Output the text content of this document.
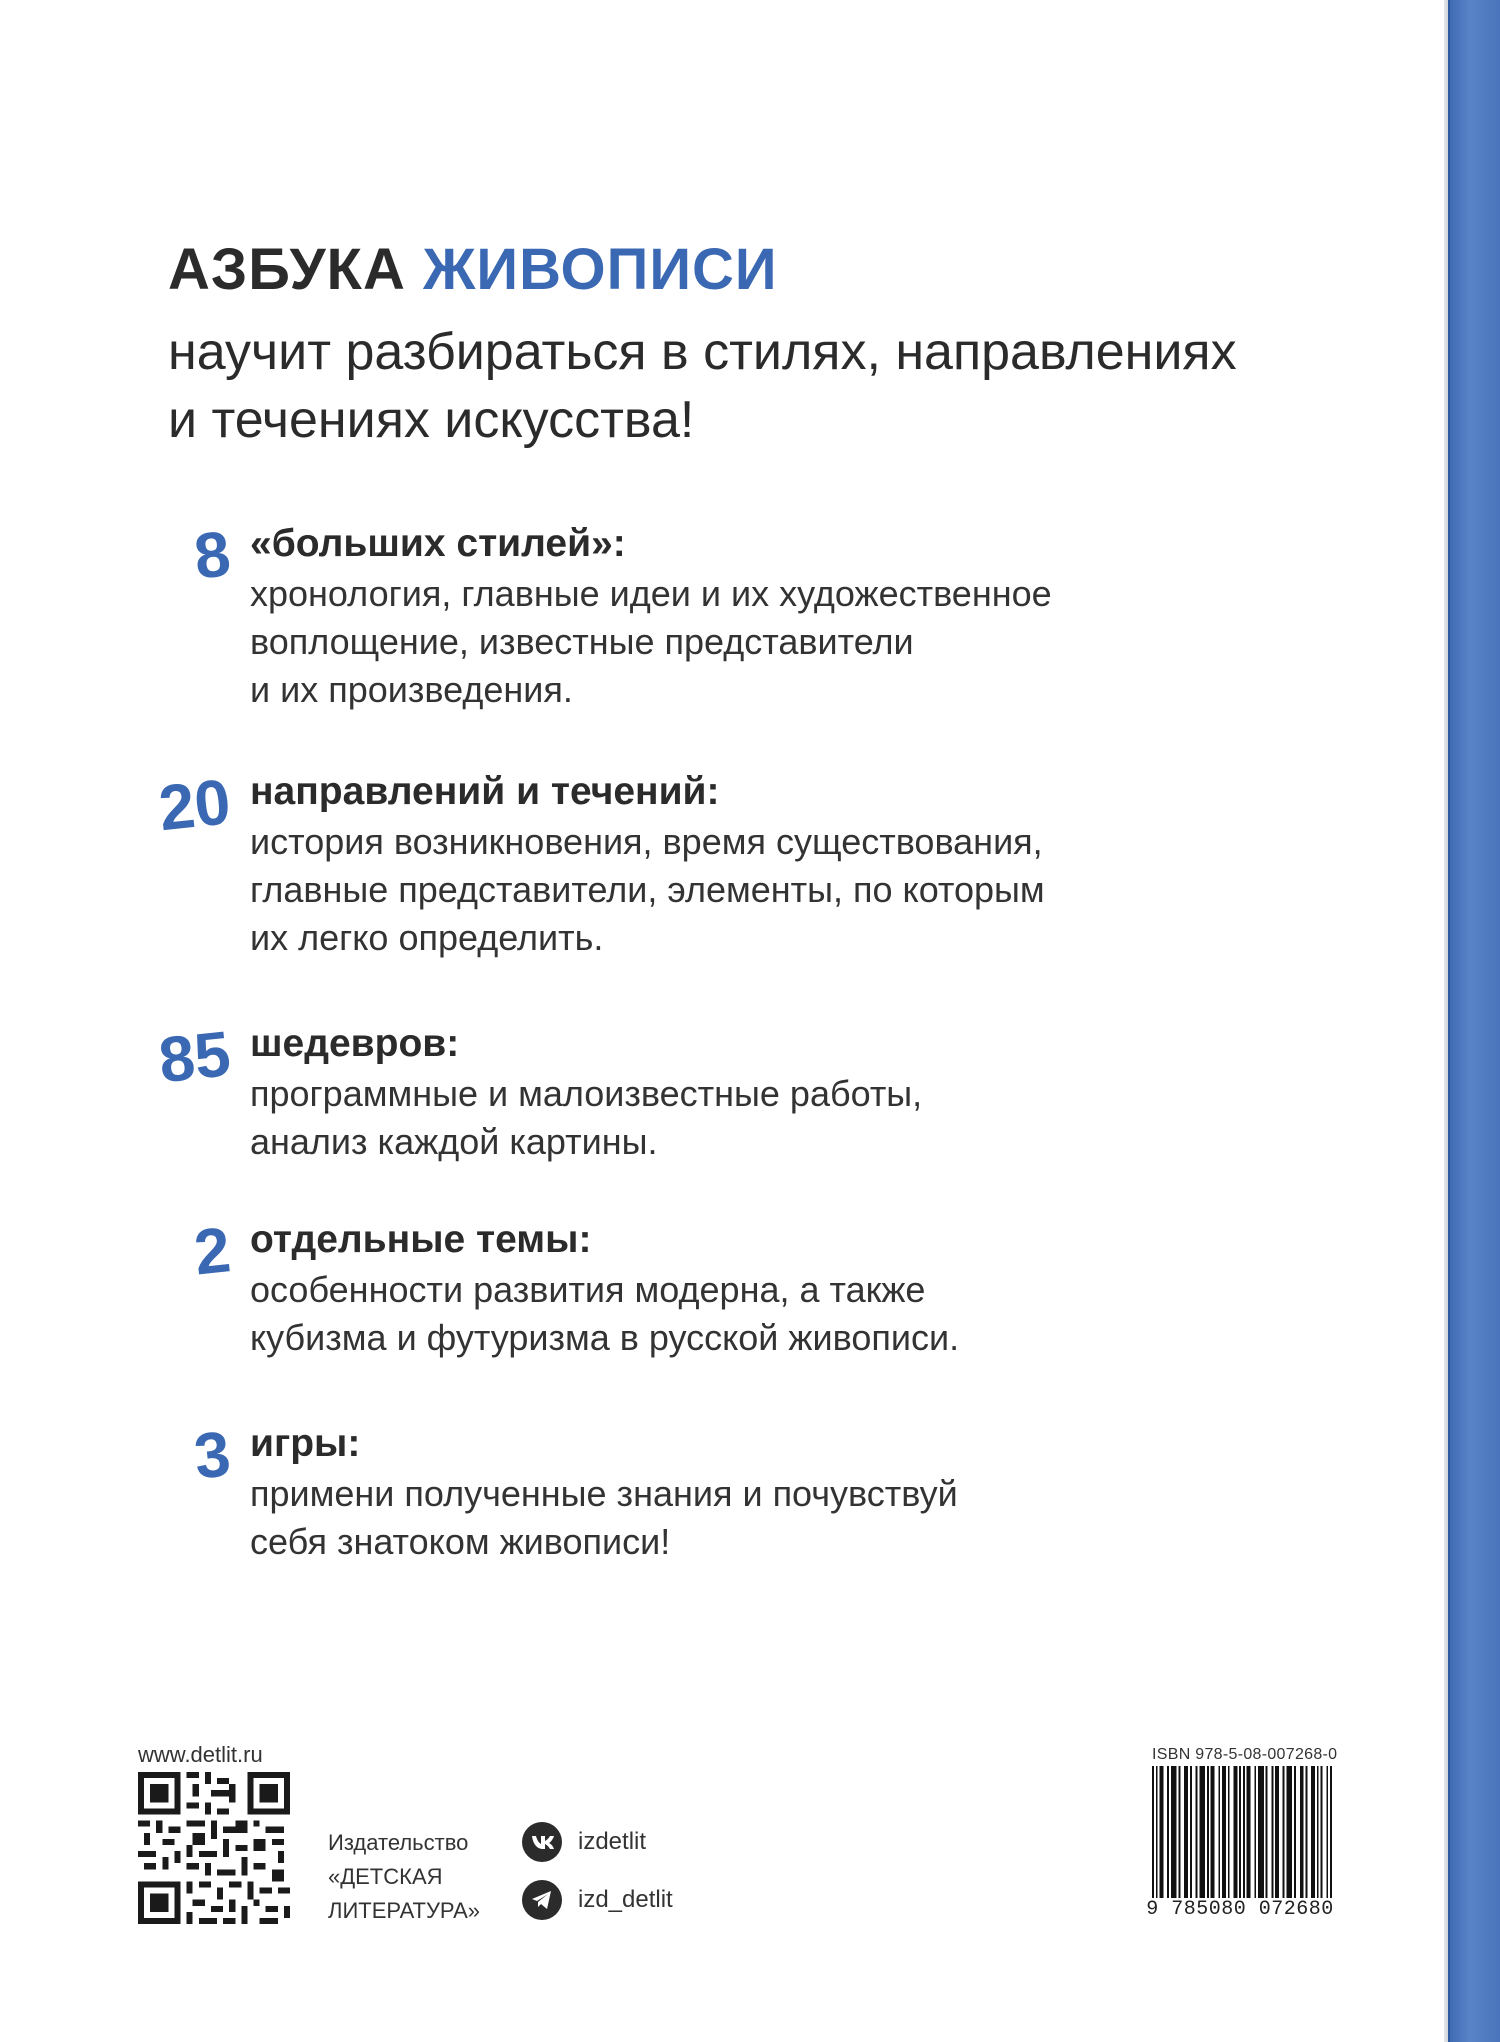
АЗБУКА ЖИВОПИСИ
научит разбираться в стилях, направлениях и течениях искусства!
8 «больших стилей»:
хронология, главные идеи и их художественное
воплощение, известные представители
и их произведения.
20 направлений и течений:
история возникновения, время существования,
главные представители, элементы, по которым
их легко определить.
85 шедевров:
программные и малоизвестные работы,
анализ каждой картины.
2 отдельные темы:
особенности развития модерна, а также
кубизма и футуризма в русской живописи.
3 игры:
примени полученные знания и почувствуй
себя знатоком живописи!
www.detlit.ru
Издательство
«ДЕТСКАЯ
ЛИТЕРАТУРА»
izdetlit
izd_detlit
ISBN 978-5-08-007268-0
9 785080 072680
